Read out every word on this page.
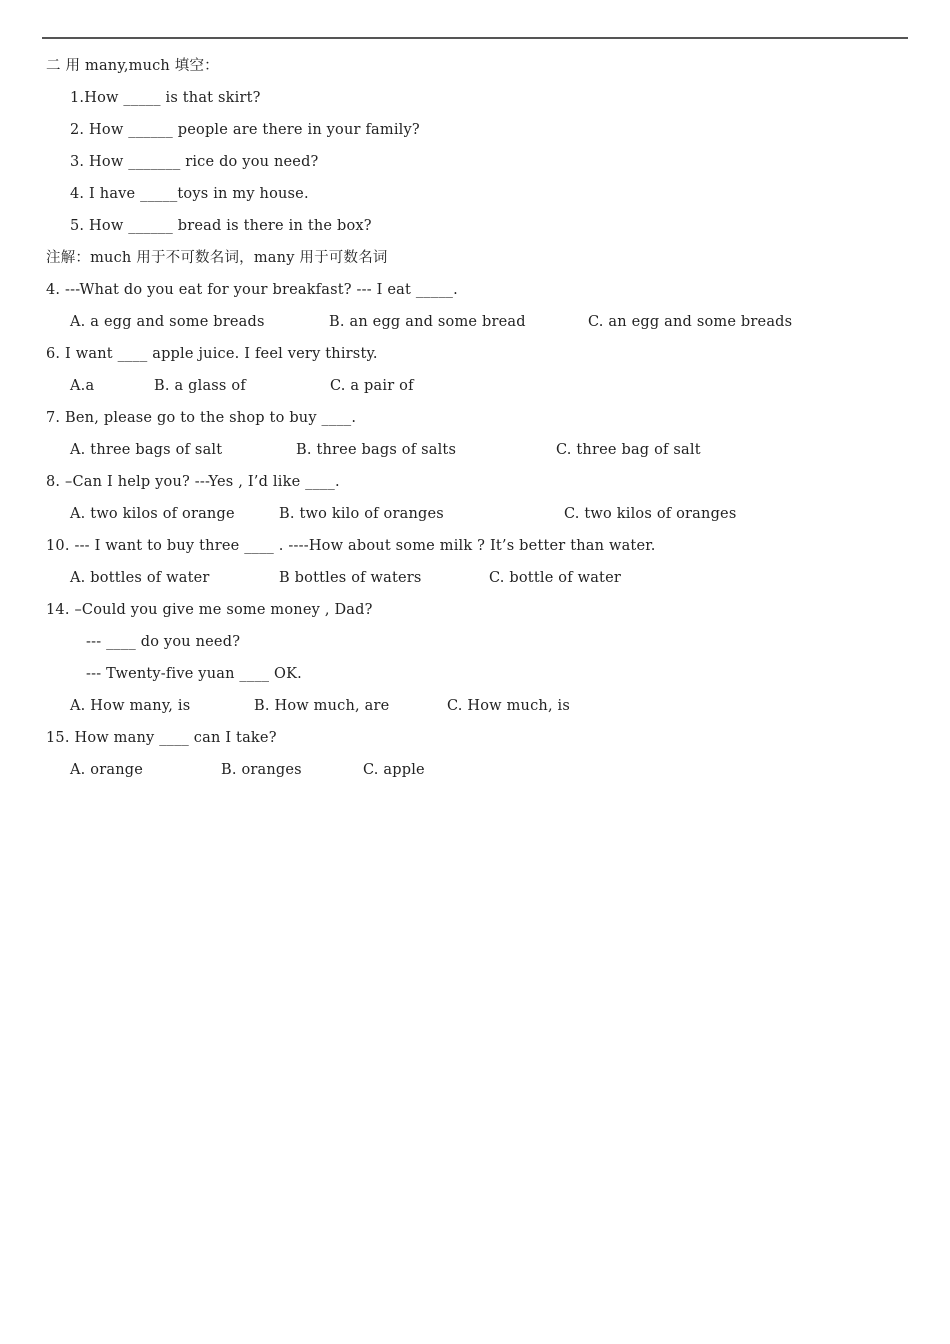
二 用 many,much 填空：
1.How _____ is that skirt?
2. How ______ people are there in your family?
3. How _______ rice do you need?
4. I have _____toys in my house.
5. How ______ bread is there in the box?
注解：much 用于不可数名词，many 用于可数名词
4. ---What do you eat for your breakfast? --- I eat _____.
A. a egg and some breads	B. an egg and some bread	C. an egg and some breads
6. I want ____ apple juice. I feel very thirsty.
A.a	B. a glass of	C. a pair of
7. Ben, please go to the shop to buy ____.
A. three bags of salt	B. three bags of salts	C. three bag of salt
8. –Can I help you? ---Yes , I’d like ____.
A. two kilos of orange	B. two kilo of oranges	C. two kilos of oranges
10. --- I want to buy three ____ . ----How about some milk ? It’s better than water.
A. bottles of water	B bottles of waters	C. bottle of water
14. –Could you give me some money , Dad?
--- ____ do you need?
--- Twenty-five yuan ____ OK.
A. How many, is	B. How much, are	C. How much, is
15. How many ____ can I take?
A. orange	B. oranges	C. apple
